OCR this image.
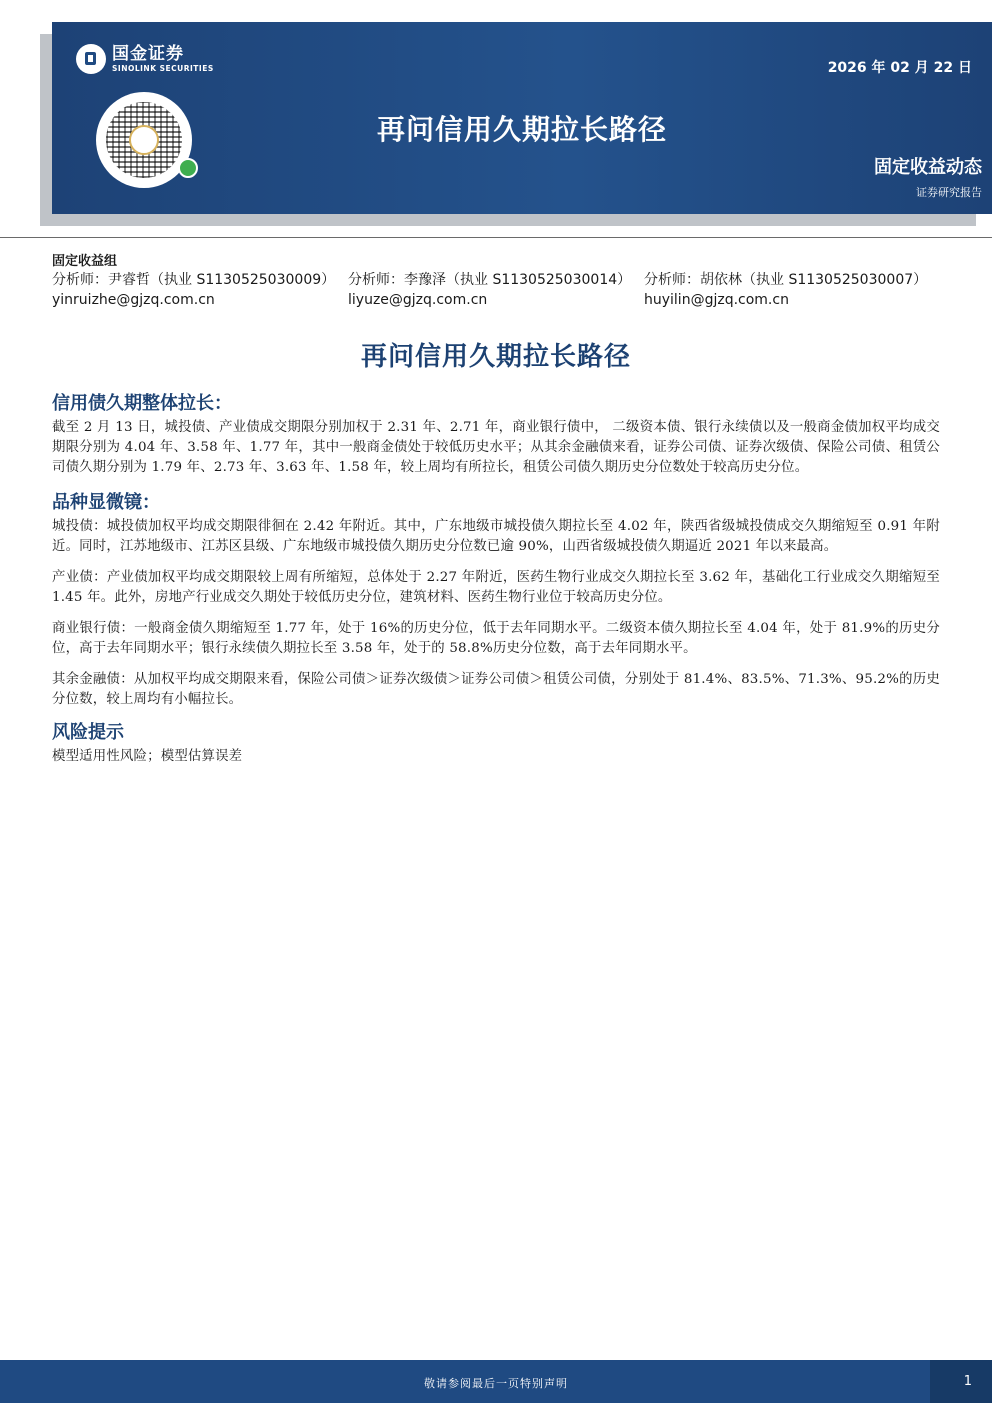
国金证券
SINOLINK SECURITIES	2026 年 02 月 22 日
再问信用久期拉长路径
固定收益动态
证券研究报告
固定收益组
分析师：尹睿哲（执业 S1130525030009）
yinruizhe@gjzq.com.cn
分析师：李豫泽（执业 S1130525030014）
liyuze@gjzq.com.cn
分析师：胡依林（执业 S1130525030007）
huyilin@gjzq.com.cn
再问信用久期拉长路径
信用债久期整体拉长：

截至 2 月 13 日，城投债、产业债成交期限分别加权于 2.31 年、2.71 年，商业银行债中， 二级资本债、银行永续债以及一般商金债加权平均成交期限分别为 4.04 年、3.58 年、1.77 年，其中一般商金债处于较低历史水平；从其余金融债来看，证券公司债、证券次级债、保险公司债、租赁公司债久期分别为 1.79 年、2.73 年、3.63 年、1.58 年，较上周均有所拉长，租赁公司债久期历史分位数处于较高历史分位。

品种显微镜：

城投债：城投债加权平均成交期限徘徊在 2.42 年附近。其中，广东地级市城投债久期拉长至 4.02 年，陕西省级城投债成交久期缩短至 0.91 年附近。同时，江苏地级市、江苏区县级、广东地级市城投债久期历史分位数已逾 90%，山西省级城投债久期逼近 2021 年以来最高。

产业债：产业债加权平均成交期限较上周有所缩短，总体处于 2.27 年附近，医药生物行业成交久期拉长至 3.62 年，基础化工行业成交久期缩短至 1.45 年。此外，房地产行业成交久期处于较低历史分位，建筑材料、医药生物行业位于较高历史分位。

商业银行债：一般商金债久期缩短至 1.77 年，处于 16%的历史分位，低于去年同期水平。二级资本债久期拉长至 4.04 年，处于 81.9%的历史分位，高于去年同期水平；银行永续债久期拉长至 3.58 年，处于的 58.8%历史分位数，高于去年同期水平。

其余金融债：从加权平均成交期限来看，保险公司债＞证券次级债＞证券公司债＞租赁公司债，分别处于 81.4%、83.5%、71.3%、95.2%的历史分位数，较上周均有小幅拉长。

风险提示

模型适用性风险；模型估算误差

敬请参阅最后一页特别声明	1
